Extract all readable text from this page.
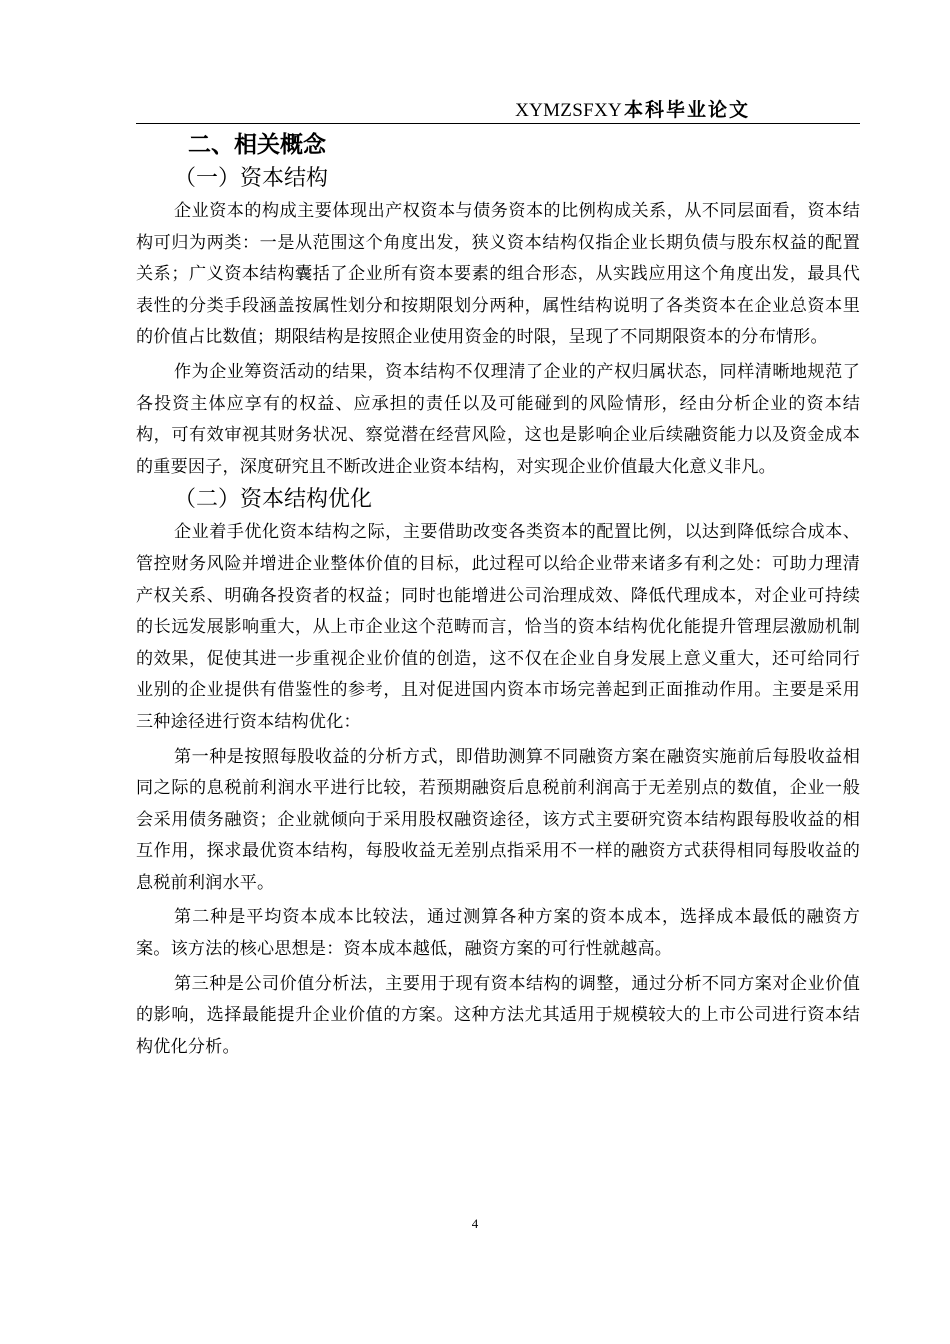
XYMZSFXY 本科毕业论文
二、相关概念
（一）资本结构

企业资本的构成主要体现出产权资本与债务资本的比例构成关系，从不同层面看，资本结构可归为两类：一是从范围这个角度出发，狭义资本结构仅指企业长期负债与股东权益的配置关系；广义资本结构囊括了企业所有资本要素的组合形态，从实践应用这个角度出发，最具代表性的分类手段涵盖按属性划分和按期限划分两种，属性结构说明了各类资本在企业总资本里的价值占比数值；期限结构是按照企业使用资金的时限，呈现了不同期限资本的分布情形。

作为企业筹资活动的结果，资本结构不仅理清了企业的产权归属状态，同样清晰地规范了各投资主体应享有的权益、应承担的责任以及可能碰到的风险情形，经由分析企业的资本结构，可有效审视其财务状况、察觉潜在经营风险，这也是影响企业后续融资能力以及资金成本的重要因子，深度研究且不断改进企业资本结构，对实现企业价值最大化意义非凡。

（二）资本结构优化

企业着手优化资本结构之际，主要借助改变各类资本的配置比例，以达到降低综合成本、管控财务风险并增进企业整体价值的目标，此过程可以给企业带来诸多有利之处：可助力理清产权关系、明确各投资者的权益；同时也能增进公司治理成效、降低代理成本，对企业可持续的长远发展影响重大，从上市企业这个范畴而言，恰当的资本结构优化能提升管理层激励机制的效果，促使其进一步重视企业价值的创造，这不仅在企业自身发展上意义重大，还可给同行业别的企业提供有借鉴性的参考，且对促进国内资本市场完善起到正面推动作用。主要是采用三种途径进行资本结构优化：

第一种是按照每股收益的分析方式，即借助测算不同融资方案在融资实施前后每股收益相同之际的息税前利润水平进行比较，若预期融资后息税前利润高于无差别点的数值，企业一般会采用债务融资；企业就倾向于采用股权融资途径，该方式主要研究资本结构跟每股收益的相互作用，探求最优资本结构，每股收益无差别点指采用不一样的融资方式获得相同每股收益的息税前利润水平。

第二种是平均资本成本比较法，通过测算各种方案的资本成本，选择成本最低的融资方案。该方法的核心思想是：资本成本越低，融资方案的可行性就越高。

第三种是公司价值分析法，主要用于现有资本结构的调整，通过分析不同方案对企业价值的影响，选择最能提升企业价值的方案。这种方法尤其适用于规模较大的上市公司进行资本结构优化分析。

4
